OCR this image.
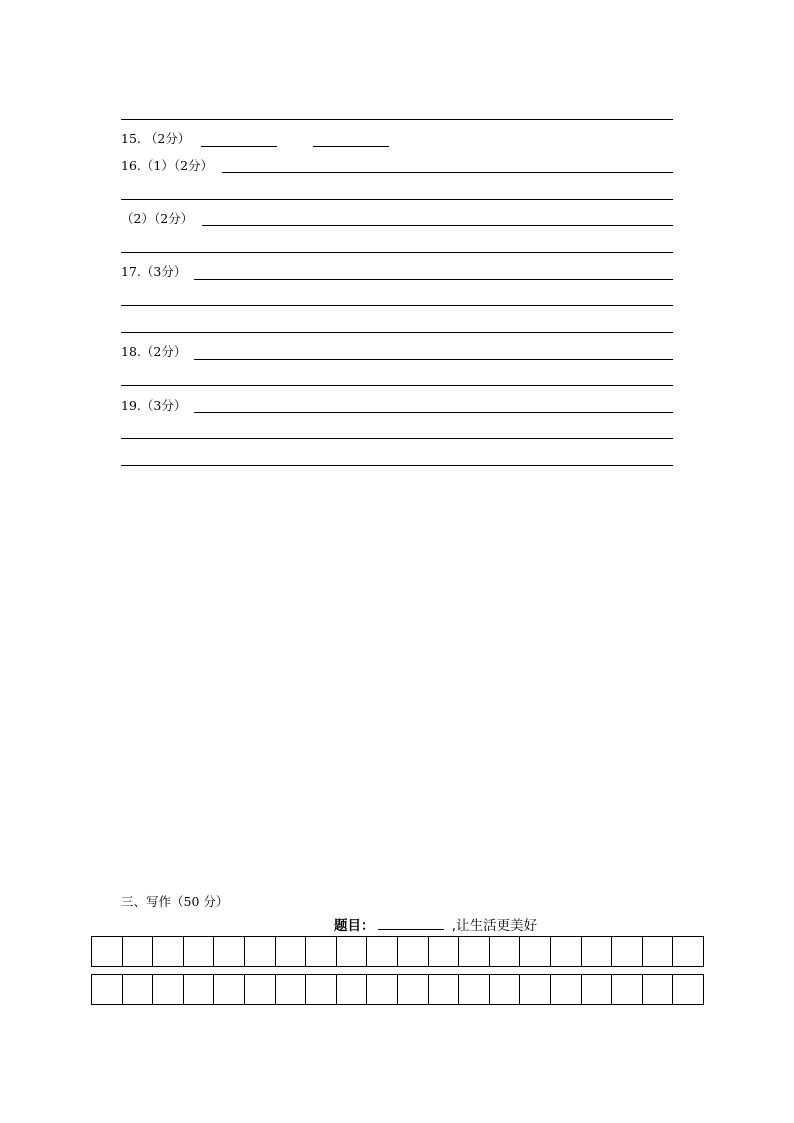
15. （2分）
16.（1）（2分）
（2）（2分）
17.（3分）
18.（2分）
19.（3分）
三、写作（50 分）
题目：	,让生活更美好
